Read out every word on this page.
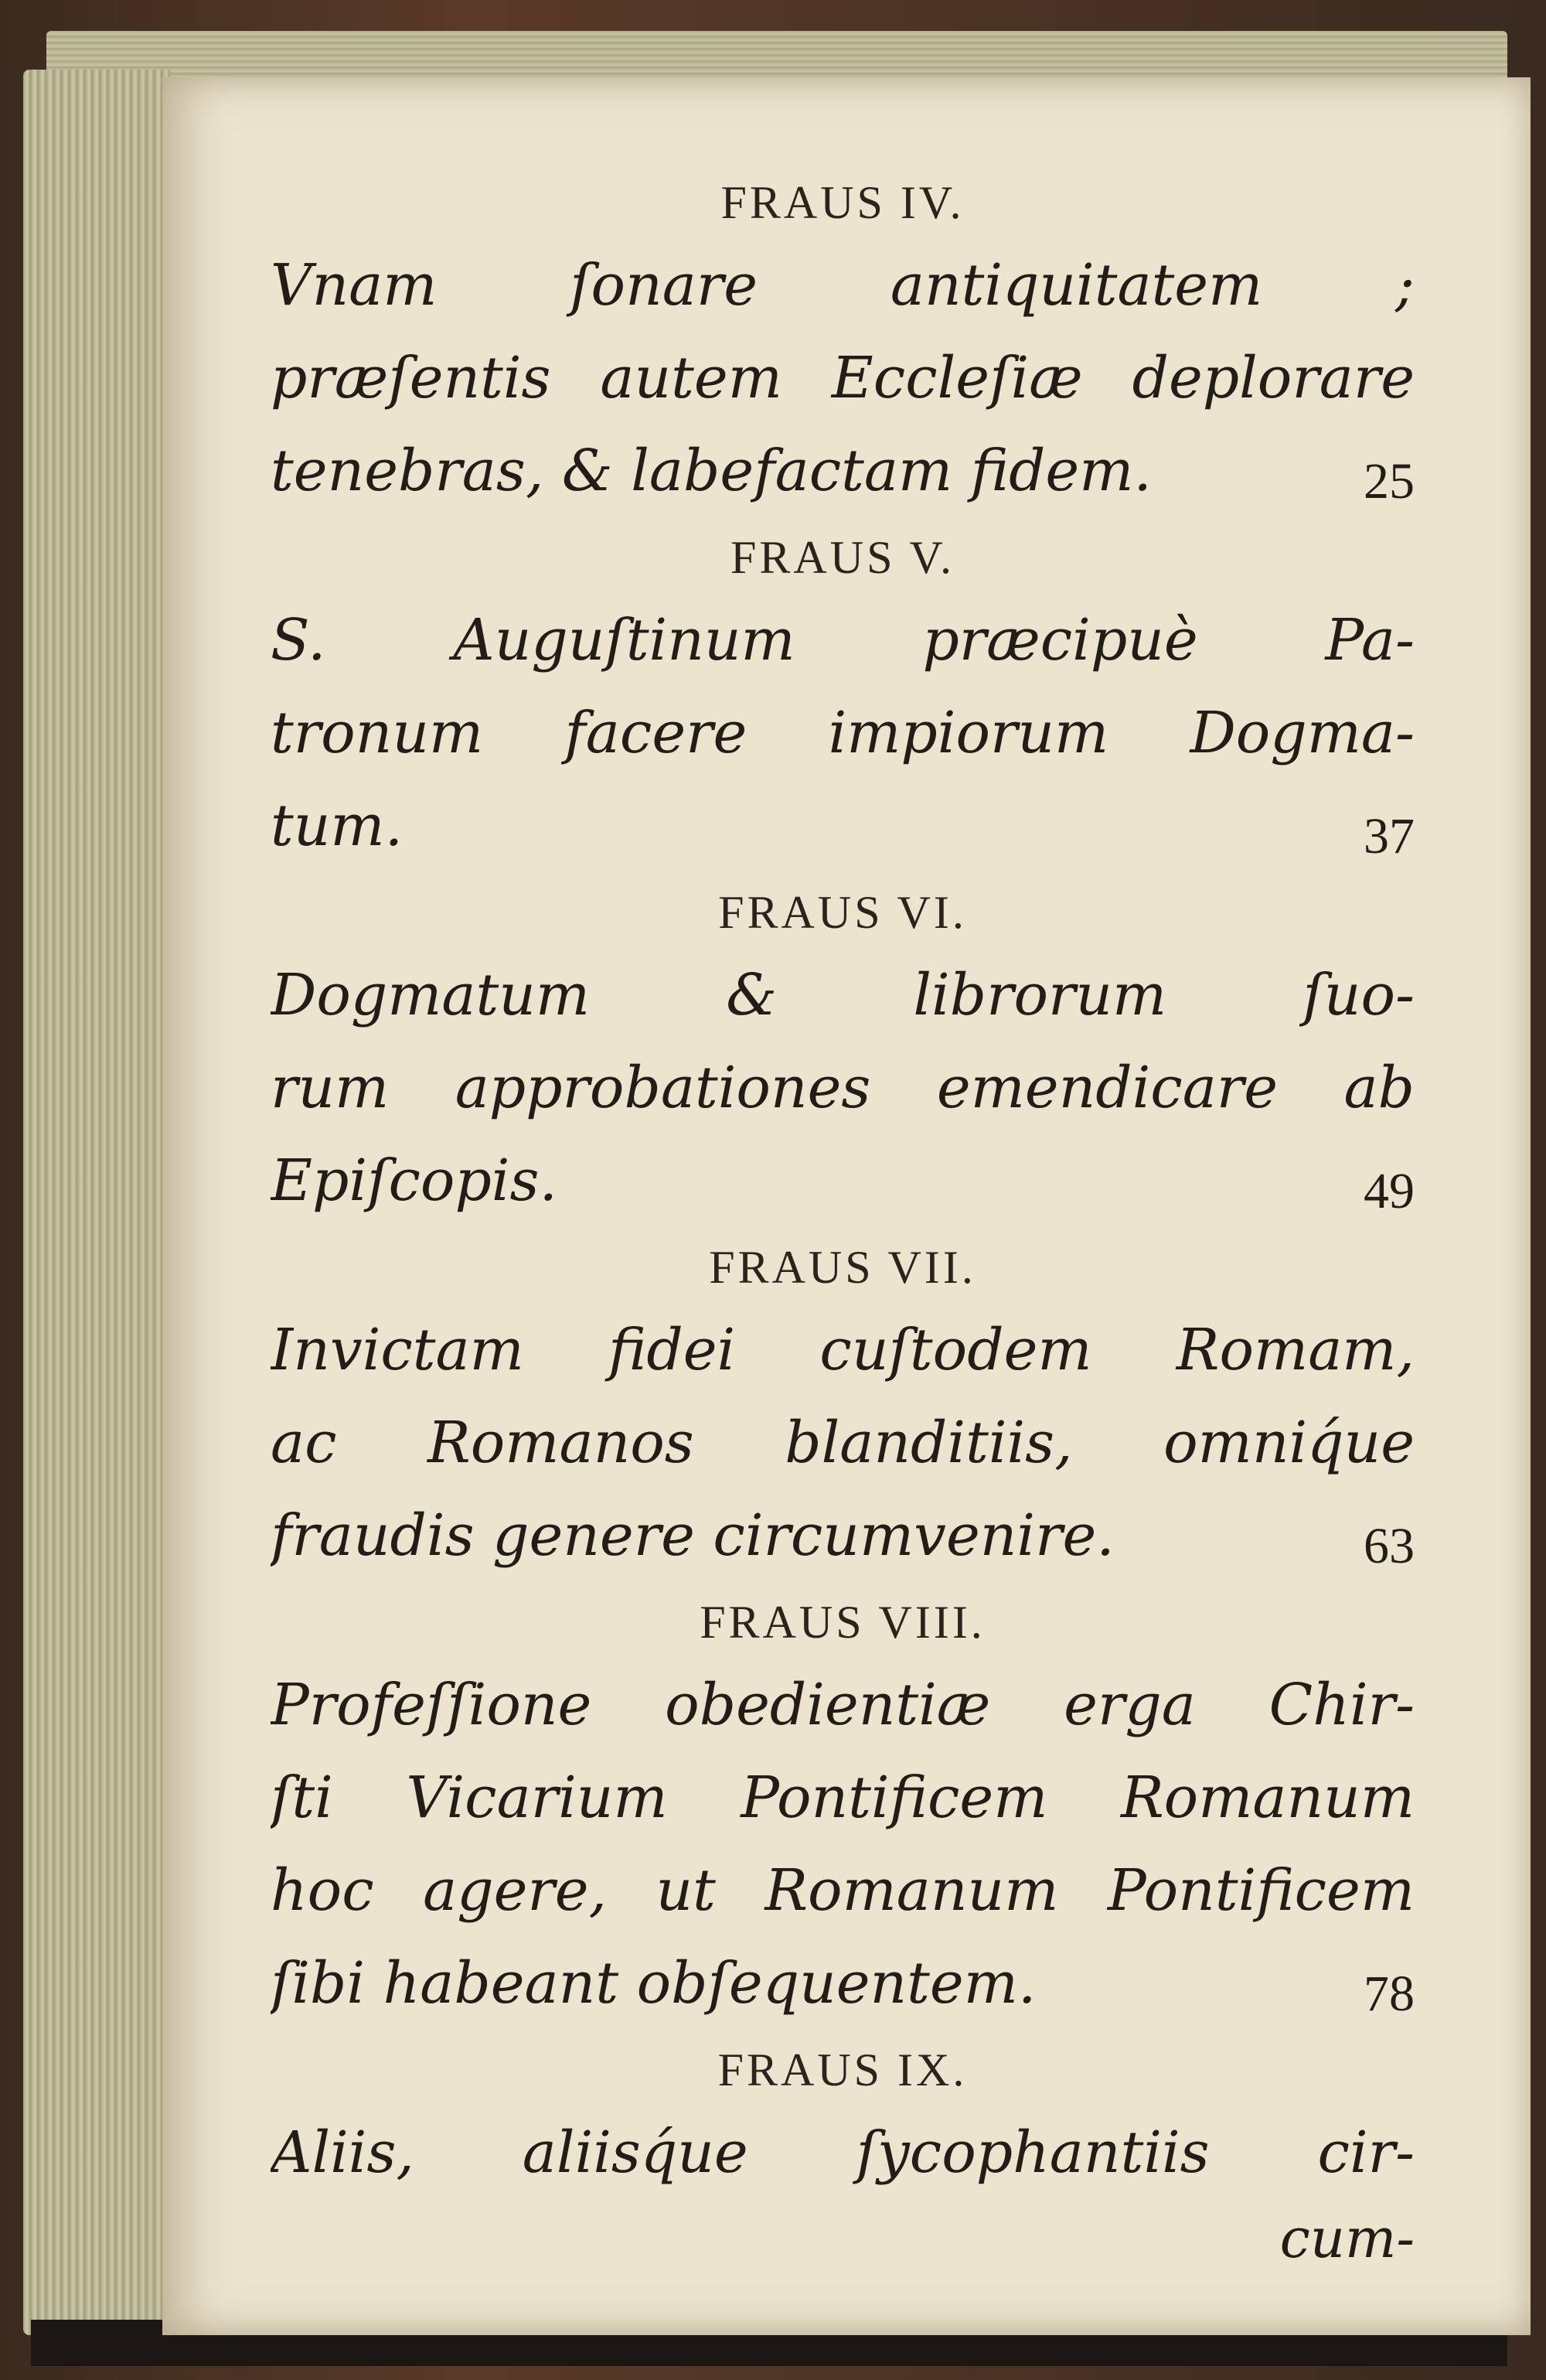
FRAUS IV.
Vnam ſonare antiquitatem ;
præſentis autem Eccleſiæ deplorare
tenebras, & labefactam fidem.	25
FRAUS V.
S. Auguſtinum præcipuè Pa-
tronum facere impiorum Dogma-
tum.	37
FRAUS VI.
Dogmatum & librorum ſuo-
rum approbationes emendicare ab
Epiſcopis.	49
FRAUS VII.
Invictam fidei cuſtodem Romam,
ac Romanos blanditiis, omniq́ue
fraudis genere circumvenire.	63
FRAUS VIII.
Profeſſione obedientiæ erga Chir-
ſti Vicarium Pontificem Romanum
hoc agere, ut Romanum Pontificem
ſibi habeant obſequentem.	78
FRAUS IX.
Aliis, aliisq́ue ſycophantiis cir-
cum-
